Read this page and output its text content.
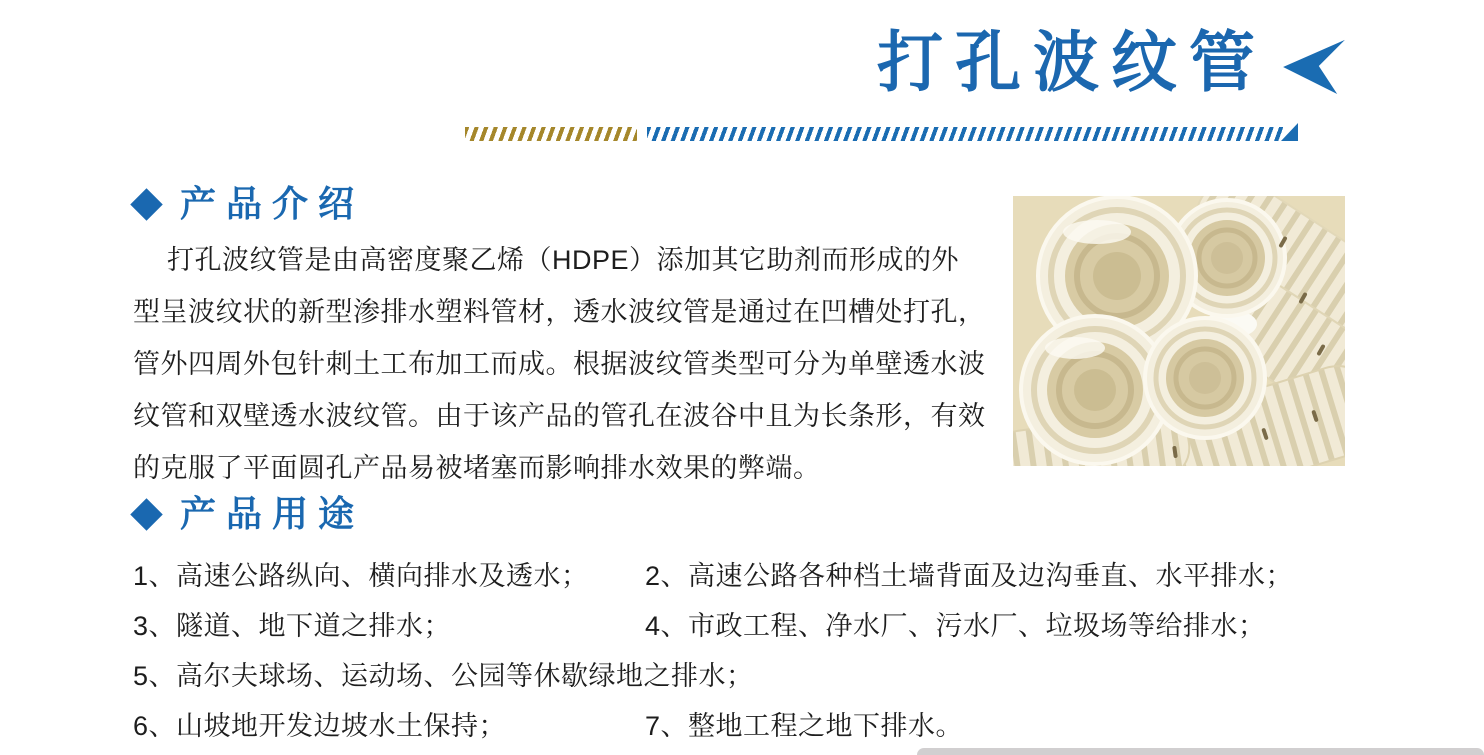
打孔波纹管
产品介绍
打孔波纹管是由高密度聚乙烯（HDPE）添加其它助剂而形成的外
型呈波纹状的新型渗排水塑料管材，透水波纹管是通过在凹槽处打孔，
管外四周外包针刺土工布加工而成。根据波纹管类型可分为单壁透水波
纹管和双壁透水波纹管。由于该产品的管孔在波谷中且为长条形，有效
的克服了平面圆孔产品易被堵塞而影响排水效果的弊端。
产品用途
1、高速公路纵向、横向排水及透水； 2、高速公路各种档土墙背面及边沟垂直、水平排水；
3、隧道、地下道之排水；	4、市政工程、净水厂、污水厂、垃圾场等给排水；
5、高尔夫球场、运动场、公园等休歇绿地之排水；
6、山坡地开发边坡水土保持；	7、整地工程之地下排水。
